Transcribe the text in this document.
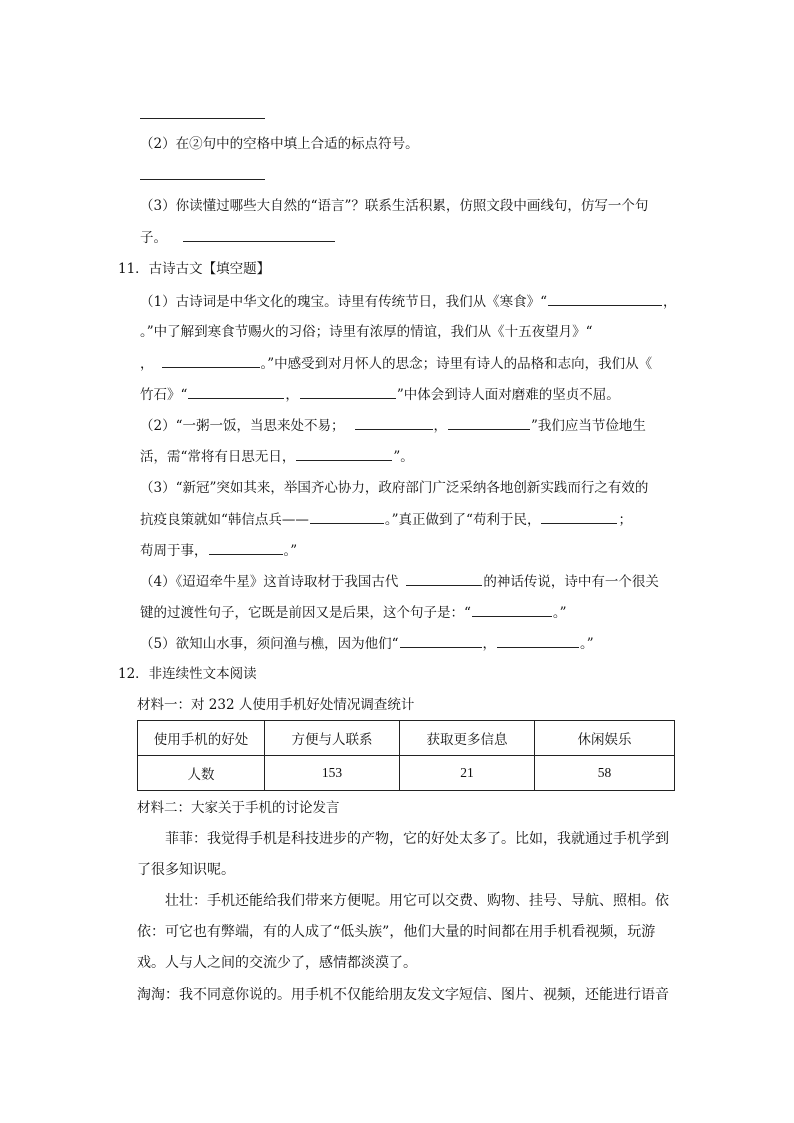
（2）在②句中的空格中填上合适的标点符号。
（3）你读懂过哪些大自然的“语言”？联系生活积累，仿照文段中画线句，仿写一个句
子。
11．古诗古文【填空题】
（1）古诗词是中华文化的瑰宝。诗里有传统节日，我们从《寒食》“	，
。”中了解到寒食节赐火的习俗；诗里有浓厚的情谊，我们从《十五夜望月》“
，	。”中感受到对月怀人的思念；诗里有诗人的品格和志向，我们从《
竹石》“	，	”中体会到诗人面对磨难的坚贞不屈。
（2）“一粥一饭，当思来处不易；	，	”我们应当节俭地生
活，需“常将有日思无日，	”。
（3）“新冠”突如其来，举国齐心协力，政府部门广泛采纳各地创新实践而行之有效的
抗疫良策就如“韩信点兵——	。”真正做到了“苟利于民，	；
苟周于事，	。”
（4）《迢迢牵牛星》这首诗取材于我国古代	的神话传说，诗中有一个很关
键的过渡性句子，它既是前因又是后果，这个句子是：“	。”
（5）欲知山水事，须问渔与樵，因为他们“	，	。”
12．非连续性文本阅读
材料一：对 232 人使用手机好处情况调查统计
使用手机的好处	方便与人联系	获取更多信息	休闲娱乐
人数	153	21	58
材料二：大家关于手机的讨论发言
菲菲：我觉得手机是科技进步的产物，它的好处太多了。比如，我就通过手机学到
了很多知识呢。
壮壮：手机还能给我们带来方便呢。用它可以交费、购物、挂号、导航、照相。依
依：可它也有弊端，有的人成了“低头族”，他们大量的时间都在用手机看视频，玩游
戏。人与人之间的交流少了，感情都淡漠了。
淘淘：我不同意你说的。用手机不仅能给朋友发文字短信、图片、视频，还能进行语音
